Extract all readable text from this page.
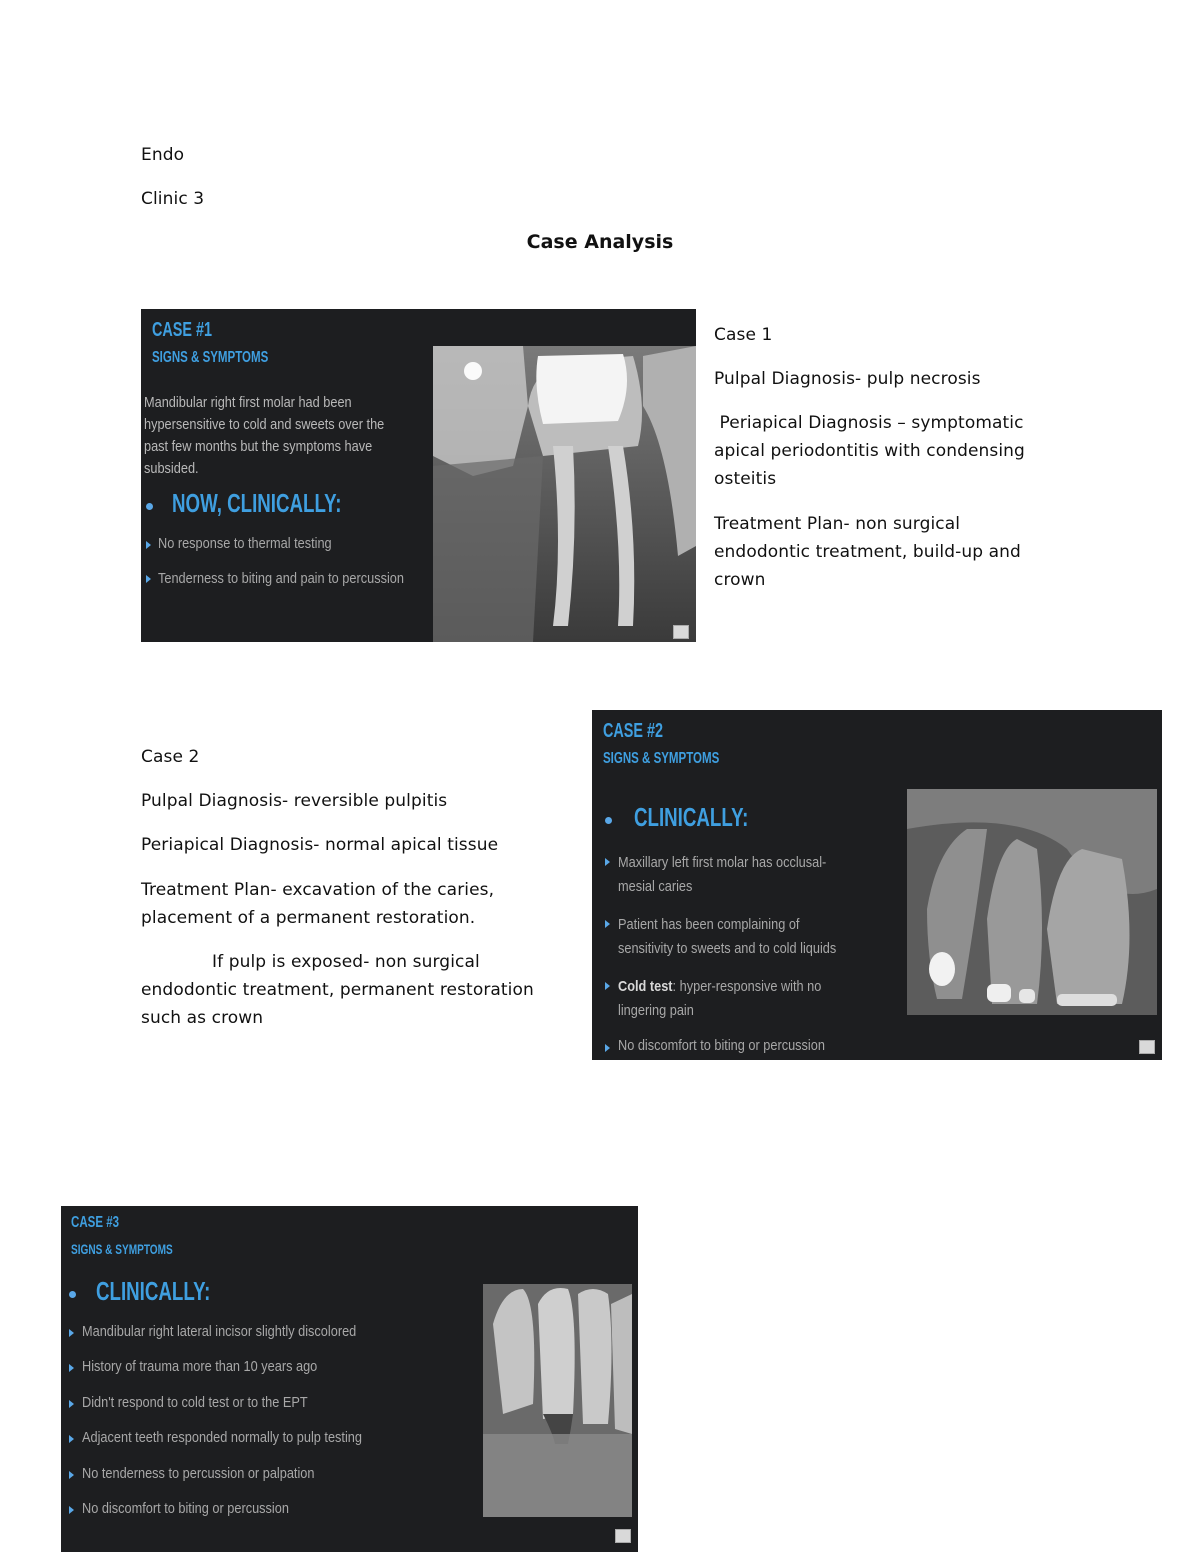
Endo
Clinic 3
Case Analysis
CASE #1
SIGNS & SYMPTOMS
Mandibular right first molar had been
hypersensitive to cold and sweets over the
past few months but the symptoms have
subsided.
NOW, CLINICALLY:
No response to thermal testing
Tenderness to biting and pain to percussion
Case 1
Pulpal Diagnosis- pulp necrosis
Periapical Diagnosis – symptomatic
apical periodontitis with condensing
osteitis
Treatment Plan- non surgical
endodontic treatment, build-up and
crown
Case 2
Pulpal Diagnosis- reversible pulpitis
Periapical Diagnosis- normal apical tissue
Treatment Plan- excavation of the caries,
placement of a permanent restoration.
If pulp is exposed- non surgical
endodontic treatment, permanent restoration
such as crown
CASE #2
SIGNS & SYMPTOMS
CLINICALLY:
Maxillary left first molar has occlusal-
mesial caries
Patient has been complaining of
sensitivity to sweets and to cold liquids
Cold test: hyper-responsive with no
lingering pain
No discomfort to biting or percussion
CASE #3
SIGNS & SYMPTOMS
CLINICALLY:
Mandibular right lateral incisor slightly discolored
History of trauma more than 10 years ago
Didn't respond to cold test or to the EPT
Adjacent teeth responded normally to pulp testing
No tenderness to percussion or palpation
No discomfort to biting or percussion
